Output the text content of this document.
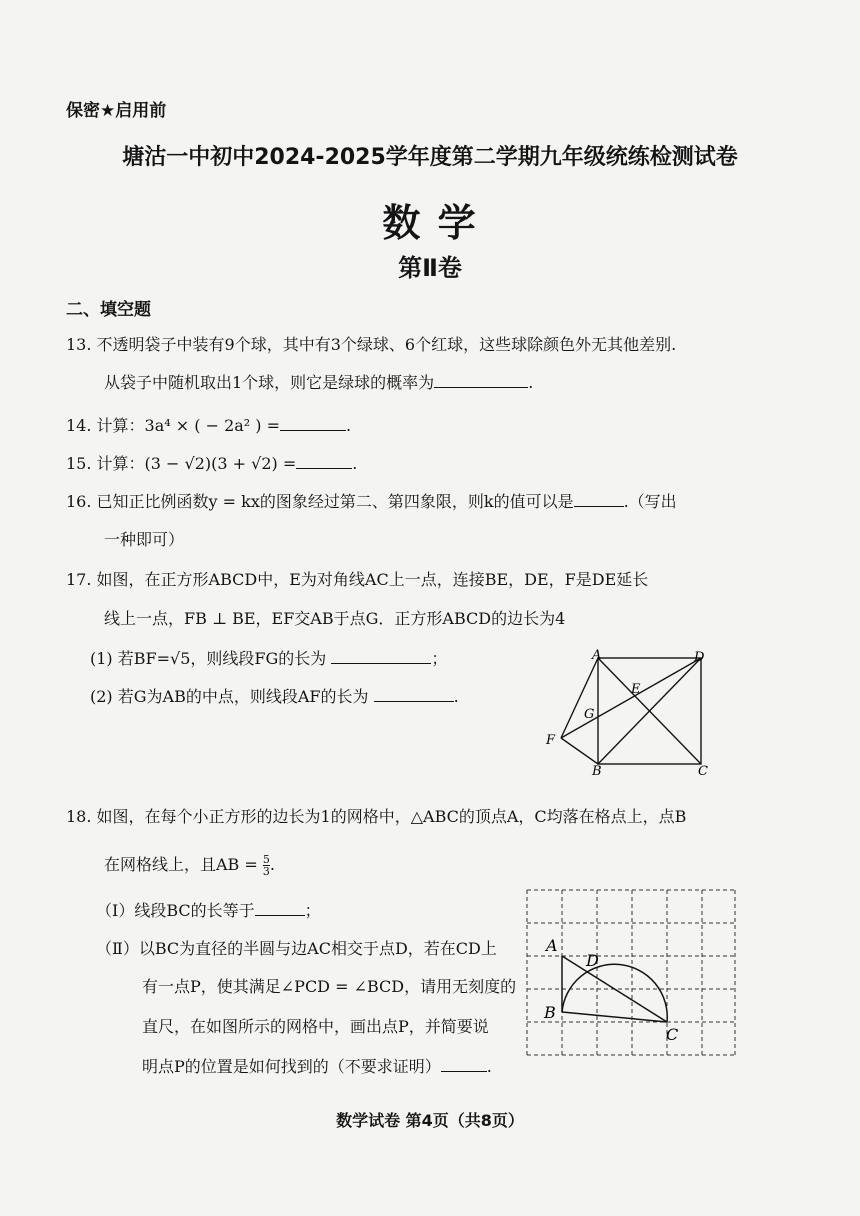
保密★启用前
塘沽一中初中2024-2025学年度第二学期九年级统练检测试卷
数 学
第Ⅱ卷
二、填空题
13. 不透明袋子中装有9个球，其中有3个绿球、6个红球，这些球除颜色外无其他差别.
从袋子中随机取出1个球，则它是绿球的概率为	.
14. 计算：3a⁴ × ( − 2a² ) =	.
15. 计算：(3 − √2)(3 + √2) =	.
16. 已知正比例函数y = kx的图象经过第二、第四象限，则k的值可以是	.（写出
一种即可）
17. 如图，在正方形ABCD中，E为对角线AC上一点，连接BE，DE，F是DE延长
线上一点，FB ⊥ BE，EF交AB于点G．正方形ABCD的边长为4
(1) 若BF=√5，则线段FG的长为	；
(2) 若G为AB的中点，则线段AF的长为	.
A	D
E
G
F
B	C
18. 如图，在每个小正方形的边长为1的网格中，△ABC的顶点A，C均落在格点上，点B
在网格线上，且AB = $\frac{5}{3}$ .
（Ⅰ）线段BC的长等于	；
（Ⅱ）以BC为直径的半圆与边AC相交于点D，若在CD上
有一点P，使其满足∠PCD = ∠BCD，请用无刻度的
直尺，在如图所示的网格中，画出点P，并简要说
明点P的位置是如何找到的（不要求证明）	.
A
D
B
C
数学试卷 第4页（共8页）
